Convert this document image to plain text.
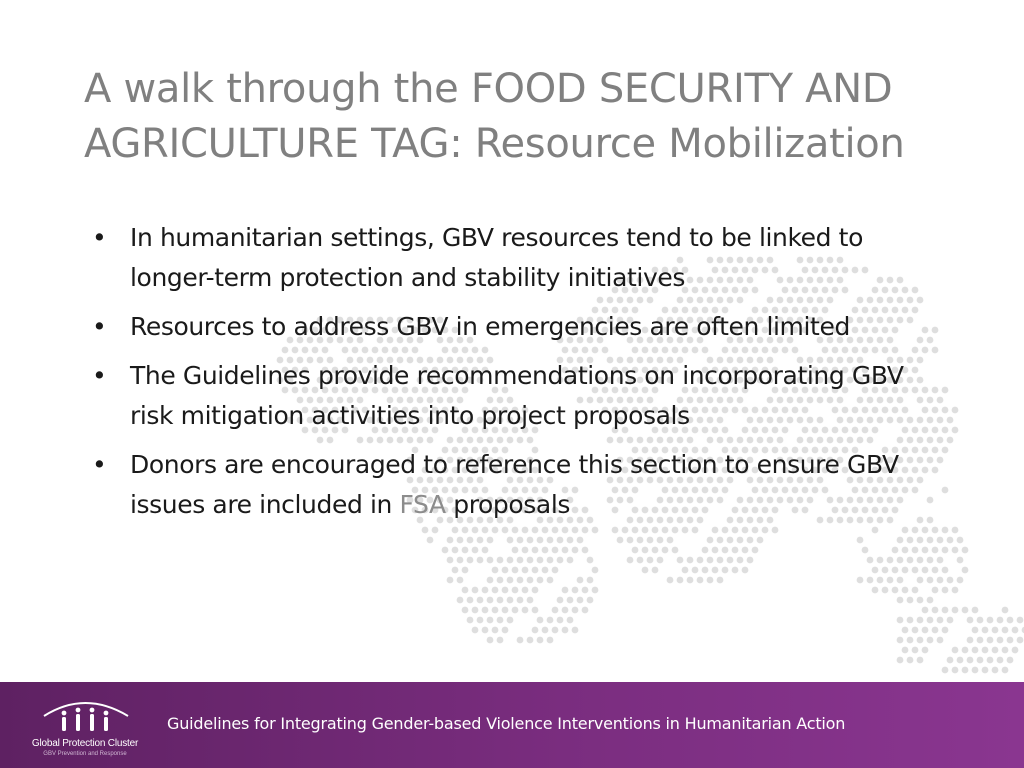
A walk through the FOOD SECURITY AND
AGRICULTURE TAG: Resource Mobilization
• In humanitarian settings, GBV resources tend to be linked to longer-term protection and stability initiatives
• Resources to address GBV in emergencies are often limited
• The Guidelines provide recommendations on incorporating GBV risk mitigation activities into project proposals
• Donors are encouraged to reference this section to ensure GBV issues are included in FSA proposals
Global Protection Cluster
GBV Prevention and Response
Guidelines for Integrating Gender-based Violence Interventions in Humanitarian Action
